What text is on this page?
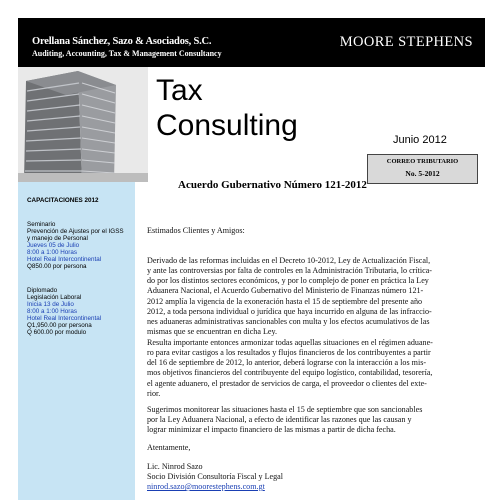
Orellana Sánchez, Sazo & Asociados, S.C.
Auditing, Accounting, Tax & Management Consultancy
MOORE STEPHENS
Tax
Consulting
CORREO TRIBUTARIO
No. 5-2012
Junio 2012
CAPACITACIONES 2012
Seminario
Prevención de Ajustes por el IGSS
y manejo de Personal
Jueves 05 de Julio
8:00 a 1:00 Horas
Hotel Real Intercontinental
Q850.00 por persona
Diplomado
Legislación Laboral
Inicia 13 de Julio
8:00 a 1:00 Horas
Hotel Real Intercontinental
Q1,950.00 por persona
Q 600.00 por modulo
Acuerdo Gubernativo Número 121-2012
Estimados Clientes y Amigos:
Derivado de las reformas incluidas en el Decreto 10-2012, Ley de Actualización Fiscal,
y ante las controversias por falta de controles en la Administración Tributaria, lo crítica-
do por los distintos sectores económicos, y por lo complejo de poner en práctica la Ley
Aduanera Nacional, el Acuerdo Gubernativo del Ministerio de Finanzas número 121-
2012 amplía la vigencia de la exoneración hasta el 15 de septiembre del presente año
2012, a toda persona individual o jurídica que haya incurrido en alguna de las infraccio-
nes aduaneras administrativas sancionables con multa y los efectos acumulativos de las
mismas que se encuentran en dicha Ley.
Resulta importante entonces armonizar todas aquellas situaciones en el régimen aduane-
ro para evitar castigos a los resultados y flujos financieros de los contribuyentes a partir
del 16 de septiembre de 2012, lo anterior, deberá lograrse con la interacción a los mis-
mos objetivos financieros del contribuyente del equipo logístico, contabilidad, tesorería,
el agente aduanero, el prestador de servicios de carga, el proveedor o clientes del exte-
rior.
Sugerimos monitorear las situaciones hasta el 15 de septiembre que son sancionables
por la Ley Aduanera Nacional, a efecto de identificar las razones que las causan y
lograr minimizar el impacto financiero de las mismas a partir de dicha fecha.
Atentamente,
Lic. Ninrod Sazo
Socio División Consultoría Fiscal y Legal
ninrod.sazo@moorestephens.com.gt
